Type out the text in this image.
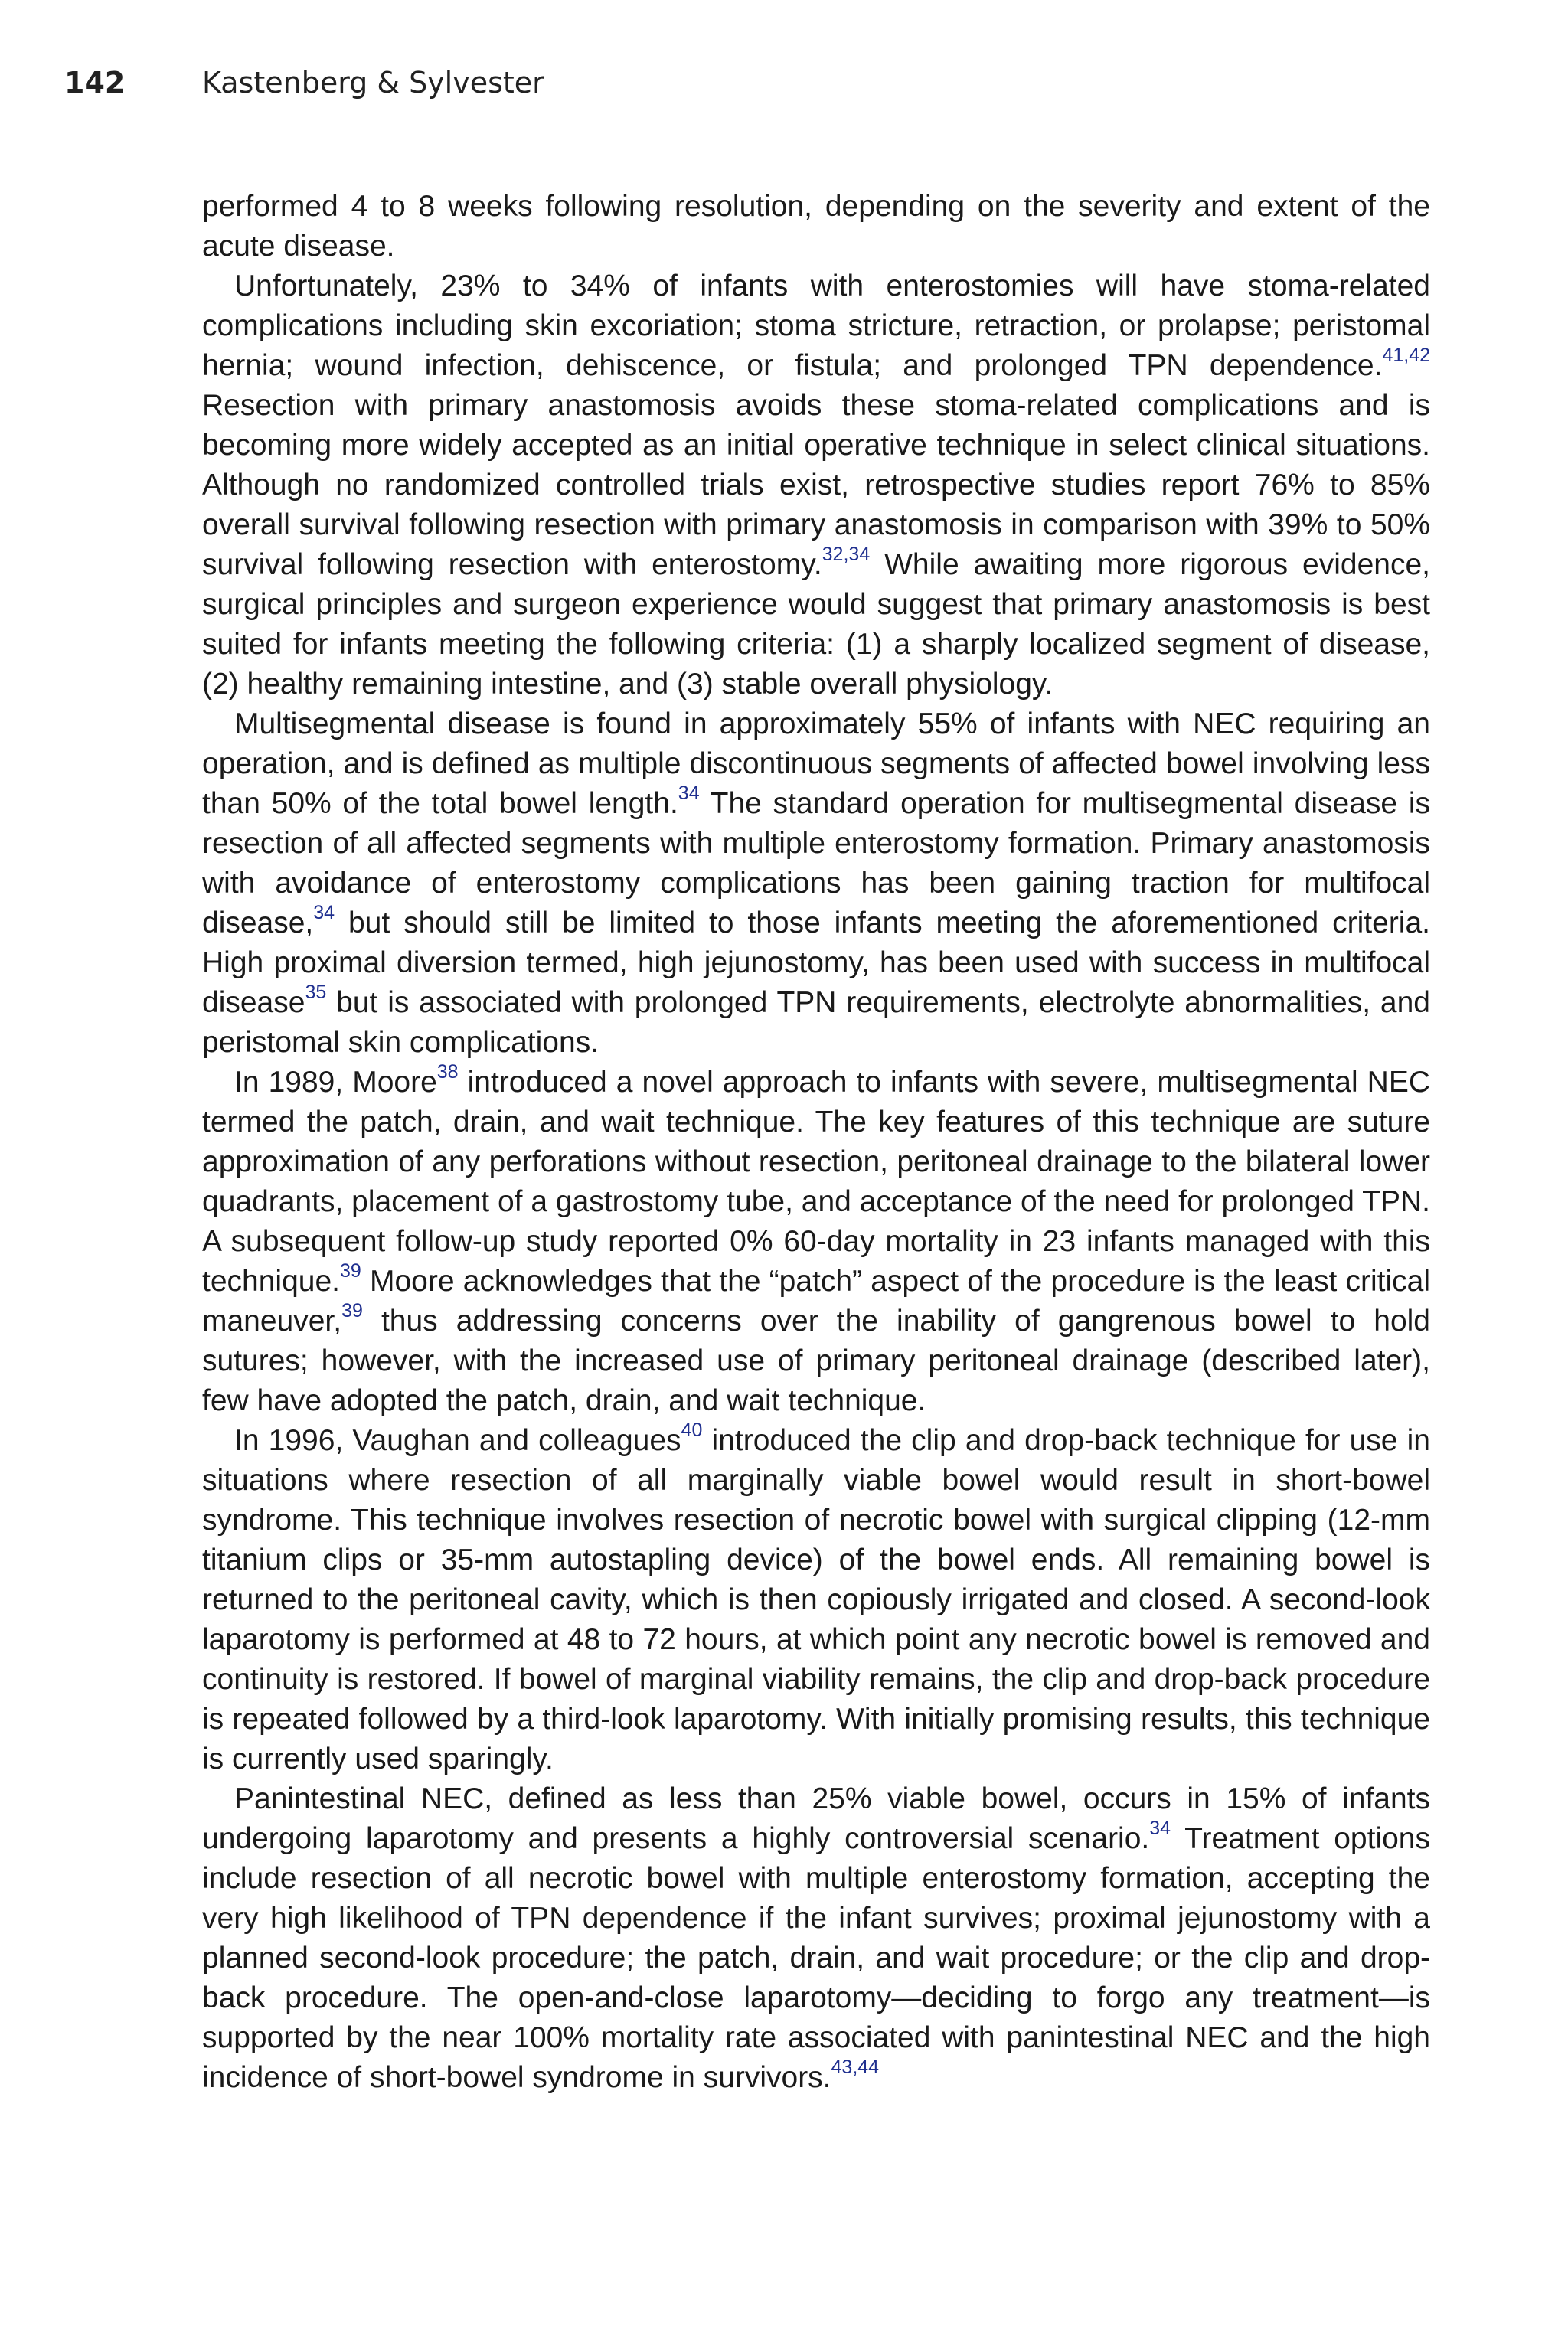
142	Kastenberg & Sylvester

performed 4 to 8 weeks following resolution, depending on the severity and extent of the acute disease.

Unfortunately, 23% to 34% of infants with enterostomies will have stoma-related complications including skin excoriation; stoma stricture, retraction, or prolapse; peristomal hernia; wound infection, dehiscence, or fistula; and prolonged TPN dependence.$^{41,42}$ Resection with primary anastomosis avoids these stoma-related complications and is becoming more widely accepted as an initial operative technique in select clinical situations. Although no randomized controlled trials exist, retrospective studies report 76% to 85% overall survival following resection with primary anastomosis in comparison with 39% to 50% survival following resection with enterostomy.$^{32,34}$ While awaiting more rigorous evidence, surgical principles and surgeon experience would suggest that primary anastomosis is best suited for infants meeting the following criteria: (1) a sharply localized segment of disease, (2) healthy remaining intestine, and (3) stable overall physiology.

Multisegmental disease is found in approximately 55% of infants with NEC requiring an operation, and is defined as multiple discontinuous segments of affected bowel involving less than 50% of the total bowel length.$^{34}$ The standard operation for multisegmental disease is resection of all affected segments with multiple enterostomy formation. Primary anastomosis with avoidance of enterostomy complications has been gaining traction for multifocal disease,$^{34}$ but should still be limited to those infants meeting the aforementioned criteria. High proximal diversion termed, high jejunostomy, has been used with success in multifocal disease$^{35}$ but is associated with prolonged TPN requirements, electrolyte abnormalities, and peristomal skin complications.

In 1989, Moore$^{38}$ introduced a novel approach to infants with severe, multisegmental NEC termed the patch, drain, and wait technique. The key features of this technique are suture approximation of any perforations without resection, peritoneal drainage to the bilateral lower quadrants, placement of a gastrostomy tube, and acceptance of the need for prolonged TPN. A subsequent follow-up study reported 0% 60-day mortality in 23 infants managed with this technique.$^{39}$ Moore acknowledges that the “patch” aspect of the procedure is the least critical maneuver,$^{39}$ thus addressing concerns over the inability of gangrenous bowel to hold sutures; however, with the increased use of primary peritoneal drainage (described later), few have adopted the patch, drain, and wait technique.

In 1996, Vaughan and colleagues$^{40}$ introduced the clip and drop-back technique for use in situations where resection of all marginally viable bowel would result in short-bowel syndrome. This technique involves resection of necrotic bowel with surgical clipping (12-mm titanium clips or 35-mm autostapling device) of the bowel ends. All remaining bowel is returned to the peritoneal cavity, which is then copiously irrigated and closed. A second-look laparotomy is performed at 48 to 72 hours, at which point any necrotic bowel is removed and continuity is restored. If bowel of marginal viability remains, the clip and drop-back procedure is repeated followed by a third-look laparotomy. With initially promising results, this technique is currently used sparingly.

Panintestinal NEC, defined as less than 25% viable bowel, occurs in 15% of infants undergoing laparotomy and presents a highly controversial scenario.$^{34}$ Treatment options include resection of all necrotic bowel with multiple enterostomy formation, accepting the very high likelihood of TPN dependence if the infant survives; proximal jejunostomy with a planned second-look procedure; the patch, drain, and wait procedure; or the clip and drop-back procedure. The open-and-close laparotomy—deciding to forgo any treatment—is supported by the near 100% mortality rate associated with panintestinal NEC and the high incidence of short-bowel syndrome in survivors.$^{43,44}$
